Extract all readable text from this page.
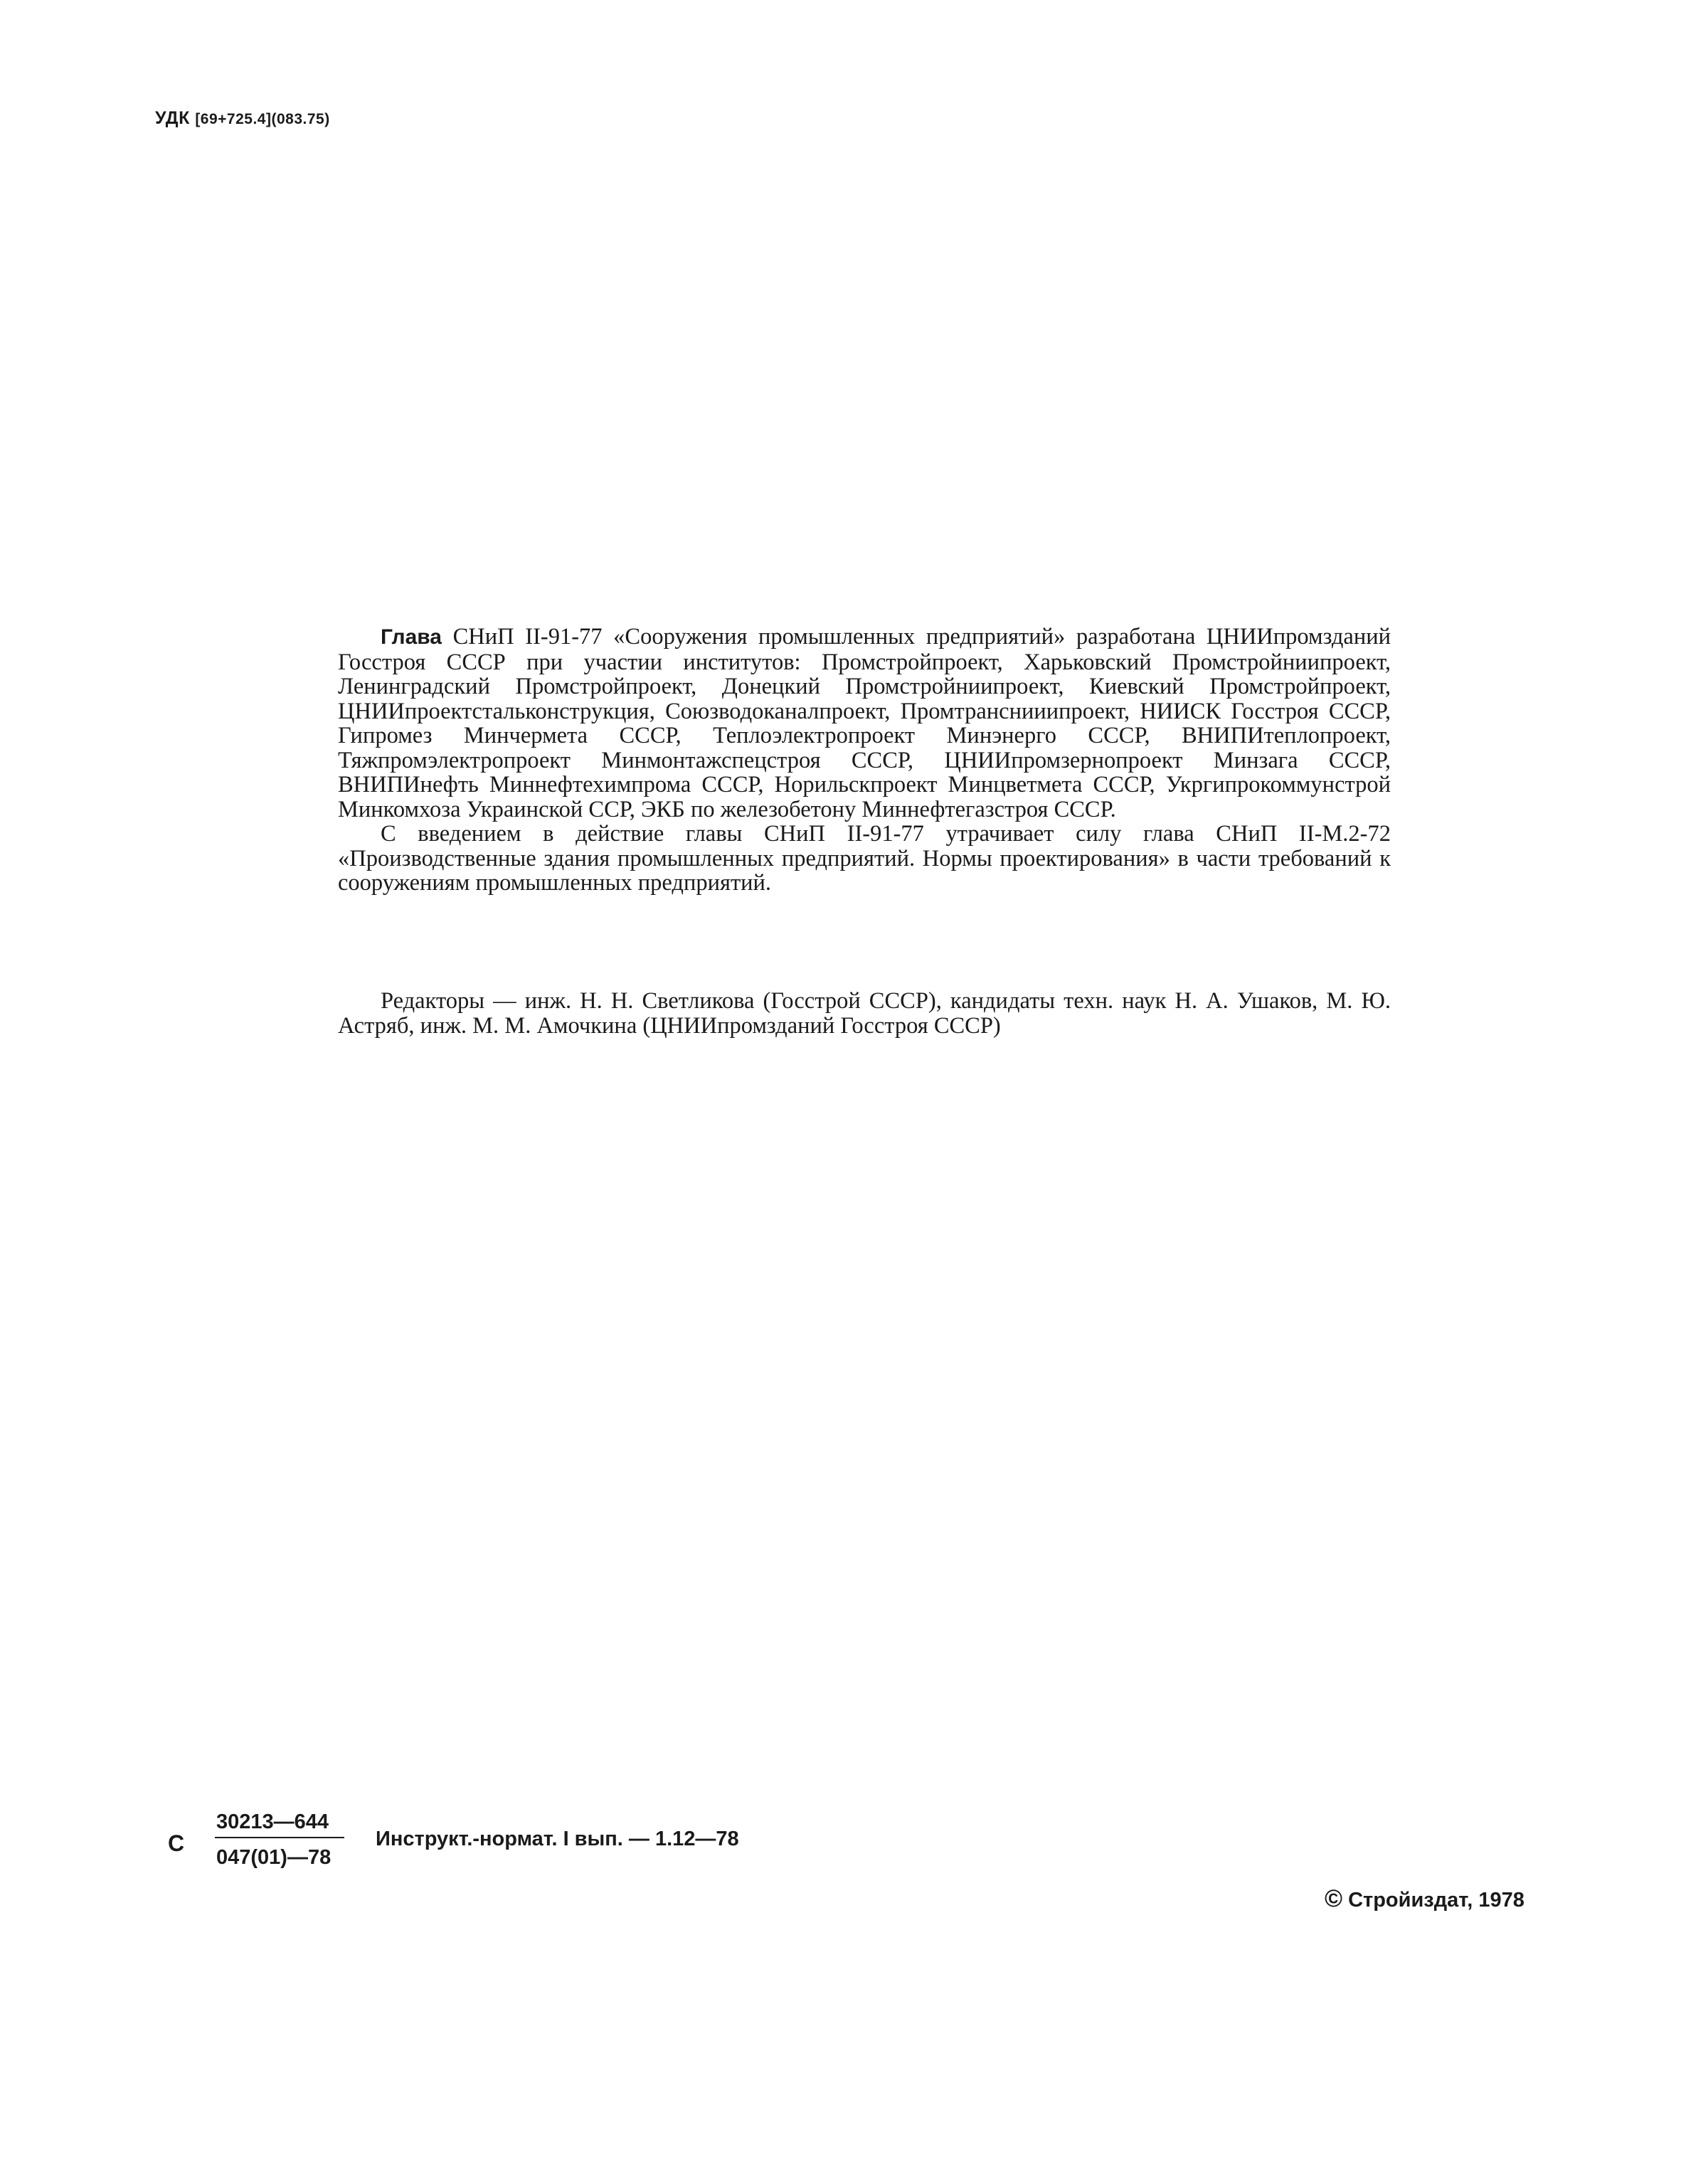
УДК [69+725.4](083.75)

Глава СНиП II-91-77 «Сооружения промышленных предприятий» разработана ЦНИИпромзданий Госстроя СССР при участии институтов: Промстройпроект, Харьковский Промстройниипроект, Ленинградский Промстройпроект, Донецкий Промстройниипроект, Киевский Промстройпроект, ЦНИИпроектстальконструкция, Союзводоканалпроект, Промтранснииипроект, НИИСК Госстроя СССР, Гипромез Минчермета СССР, Теплоэлектропроект Минэнерго СССР, ВНИПИтеплопроект, Тяжпромэлектропроект Минмонтажспецстроя СССР, ЦНИИпромзернопроект Минзага СССР, ВНИПИнефть Миннефтехимпрома СССР, Норильскпроект Минцветмета СССР, Укргипрокоммунстрой Минкомхоза Украинской ССР, ЭКБ по железобетону Миннефтегазстроя СССР.

С введением в действие главы СНиП II-91-77 утрачивает силу глава СНиП II-М.2-72 «Производственные здания промышленных предприятий. Нормы проектирования» в части требований к сооружениям промышленных предприятий.

Редакторы — инж. Н. Н. Светликова (Госстрой СССР), кандидаты техн. наук Н. А. Ушаков, М. Ю. Астряб, инж. М. М. Амочкина (ЦНИИпромзданий Госстроя СССР)

С
30213—644
047(01)—78
Инструкт.-нормат. I вып. — 1.12—78
© Стройиздат, 1978
